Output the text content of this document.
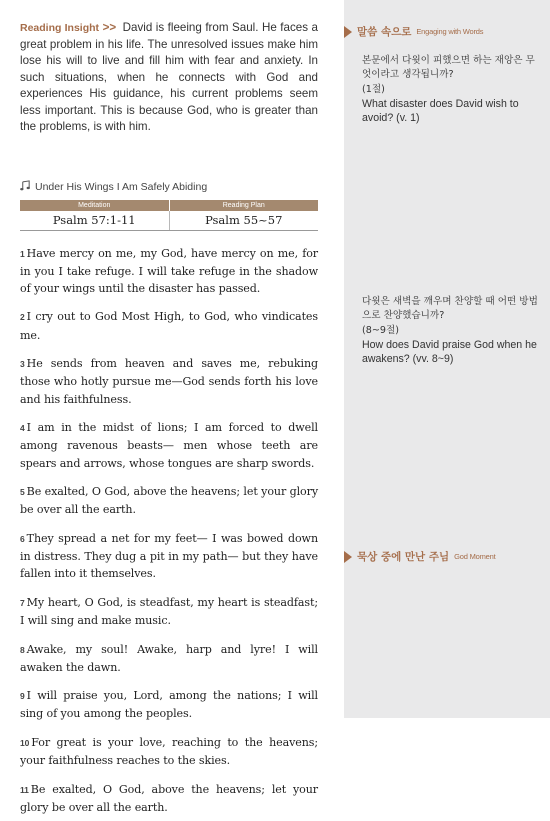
Reading Insight >> David is fleeing from Saul. He faces a great problem in his life. The unresolved issues make him lose his will to live and fill him with fear and anxiety. In such situations, when he connects with God and experiences His guidance, his current problems seem less important. This is because God, who is greater than the problems, is with him.
Under His Wings I Am Safely Abiding
Meditation	Reading Plan
Psalm 57:1-11	Psalm 55~57

1 Have mercy on me, my God, have mercy on me, for in you I take refuge. I will take refuge in the shadow of your wings until the disaster has passed.

2 I cry out to God Most High, to God, who vindicates me.

3 He sends from heaven and saves me, rebuking those who hotly pursue me—God sends forth his love and his faithfulness.

4 I am in the midst of lions; I am forced to dwell among ravenous beasts— men whose teeth are spears and arrows, whose tongues are sharp swords.

5 Be exalted, O God, above the heavens; let your glory be over all the earth.

6 They spread a net for my feet— I was bowed down in distress. They dug a pit in my path— but they have fallen into it themselves.

7 My heart, O God, is steadfast, my heart is steadfast; I will sing and make music.

8 Awake, my soul! Awake, harp and lyre! I will awaken the dawn.

9 I will praise you, Lord, among the nations; I will sing of you among the peoples.

10 For great is your love, reaching to the heavens; your faithfulness reaches to the skies.

11 Be exalted, O God, above the heavens; let your glory be over all the earth.

말씀 속으로 Engaging with Words
본문에서 다윗이 피했으면 하는 재앙은 무엇이라고 생각됩니까?
(1절)
What disaster does David wish to avoid? (v. 1)
다윗은 새벽을 깨우며 찬양할 때 어떤 방법으로 찬양했습니까?
(8~9절)
How does David praise God when he awakens? (vv. 8~9)
묵상 중에 만난 주님 God Moment
